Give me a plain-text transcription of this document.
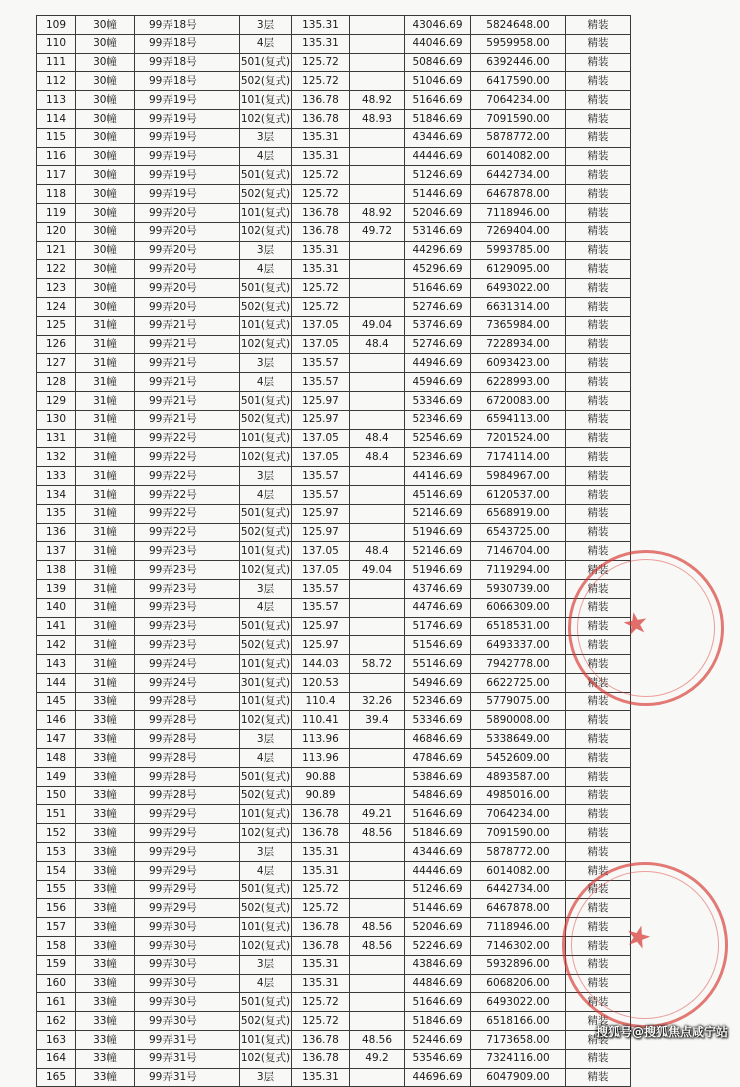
109	30幢	99弄18号	3层	135.31		43046.69	5824648.00	精装
110	30幢	99弄18号	4层	135.31		44046.69	5959958.00	精装
111	30幢	99弄18号	501(复式)	125.72		50846.69	6392446.00	精装
112	30幢	99弄18号	502(复式)	125.72		51046.69	6417590.00	精装
113	30幢	99弄19号	101(复式)	136.78	48.92	51646.69	7064234.00	精装
114	30幢	99弄19号	102(复式)	136.78	48.93	51846.69	7091590.00	精装
115	30幢	99弄19号	3层	135.31		43446.69	5878772.00	精装
116	30幢	99弄19号	4层	135.31		44446.69	6014082.00	精装
117	30幢	99弄19号	501(复式)	125.72		51246.69	6442734.00	精装
118	30幢	99弄19号	502(复式)	125.72		51446.69	6467878.00	精装
119	30幢	99弄20号	101(复式)	136.78	48.92	52046.69	7118946.00	精装
120	30幢	99弄20号	102(复式)	136.78	49.72	53146.69	7269404.00	精装
121	30幢	99弄20号	3层	135.31		44296.69	5993785.00	精装
122	30幢	99弄20号	4层	135.31		45296.69	6129095.00	精装
123	30幢	99弄20号	501(复式)	125.72		51646.69	6493022.00	精装
124	30幢	99弄20号	502(复式)	125.72		52746.69	6631314.00	精装
125	31幢	99弄21号	101(复式)	137.05	49.04	53746.69	7365984.00	精装
126	31幢	99弄21号	102(复式)	137.05	48.4	52746.69	7228934.00	精装
127	31幢	99弄21号	3层	135.57		44946.69	6093423.00	精装
128	31幢	99弄21号	4层	135.57		45946.69	6228993.00	精装
129	31幢	99弄21号	501(复式)	125.97		53346.69	6720083.00	精装
130	31幢	99弄21号	502(复式)	125.97		52346.69	6594113.00	精装
131	31幢	99弄22号	101(复式)	137.05	48.4	52546.69	7201524.00	精装
132	31幢	99弄22号	102(复式)	137.05	48.4	52346.69	7174114.00	精装
133	31幢	99弄22号	3层	135.57		44146.69	5984967.00	精装
134	31幢	99弄22号	4层	135.57		45146.69	6120537.00	精装
135	31幢	99弄22号	501(复式)	125.97		52146.69	6568919.00	精装
136	31幢	99弄22号	502(复式)	125.97		51946.69	6543725.00	精装
137	31幢	99弄23号	101(复式)	137.05	48.4	52146.69	7146704.00	精装
138	31幢	99弄23号	102(复式)	137.05	49.04	51946.69	7119294.00	精装
139	31幢	99弄23号	3层	135.57		43746.69	5930739.00	精装
140	31幢	99弄23号	4层	135.57		44746.69	6066309.00	精装
141	31幢	99弄23号	501(复式)	125.97		51746.69	6518531.00	精装
142	31幢	99弄23号	502(复式)	125.97		51546.69	6493337.00	精装
143	31幢	99弄24号	101(复式)	144.03	58.72	55146.69	7942778.00	精装
144	31幢	99弄24号	301(复式)	120.53		54946.69	6622725.00	精装
145	33幢	99弄28号	101(复式)	110.4	32.26	52346.69	5779075.00	精装
146	33幢	99弄28号	102(复式)	110.41	39.4	53346.69	5890008.00	精装
147	33幢	99弄28号	3层	113.96		46846.69	5338649.00	精装
148	33幢	99弄28号	4层	113.96		47846.69	5452609.00	精装
149	33幢	99弄28号	501(复式)	90.88		53846.69	4893587.00	精装
150	33幢	99弄28号	502(复式)	90.89		54846.69	4985016.00	精装
151	33幢	99弄29号	101(复式)	136.78	49.21	51646.69	7064234.00	精装
152	33幢	99弄29号	102(复式)	136.78	48.56	51846.69	7091590.00	精装
153	33幢	99弄29号	3层	135.31		43446.69	5878772.00	精装
154	33幢	99弄29号	4层	135.31		44446.69	6014082.00	精装
155	33幢	99弄29号	501(复式)	125.72		51246.69	6442734.00	精装
156	33幢	99弄29号	502(复式)	125.72		51446.69	6467878.00	精装
157	33幢	99弄30号	101(复式)	136.78	48.56	52046.69	7118946.00	精装
158	33幢	99弄30号	102(复式)	136.78	48.56	52246.69	7146302.00	精装
159	33幢	99弄30号	3层	135.31		43846.69	5932896.00	精装
160	33幢	99弄30号	4层	135.31		44846.69	6068206.00	精装
161	33幢	99弄30号	501(复式)	125.72		51646.69	6493022.00	精装
162	33幢	99弄30号	502(复式)	125.72		51846.69	6518166.00	精装
163	33幢	99弄31号	101(复式)	136.78	48.56	52446.69	7173658.00	精装
164	33幢	99弄31号	102(复式)	136.78	49.2	53546.69	7324116.00	精装
165	33幢	99弄31号	3层	135.31		44696.69	6047909.00	精装
★
★
搜狐号@搜狐焦点咸宁站
